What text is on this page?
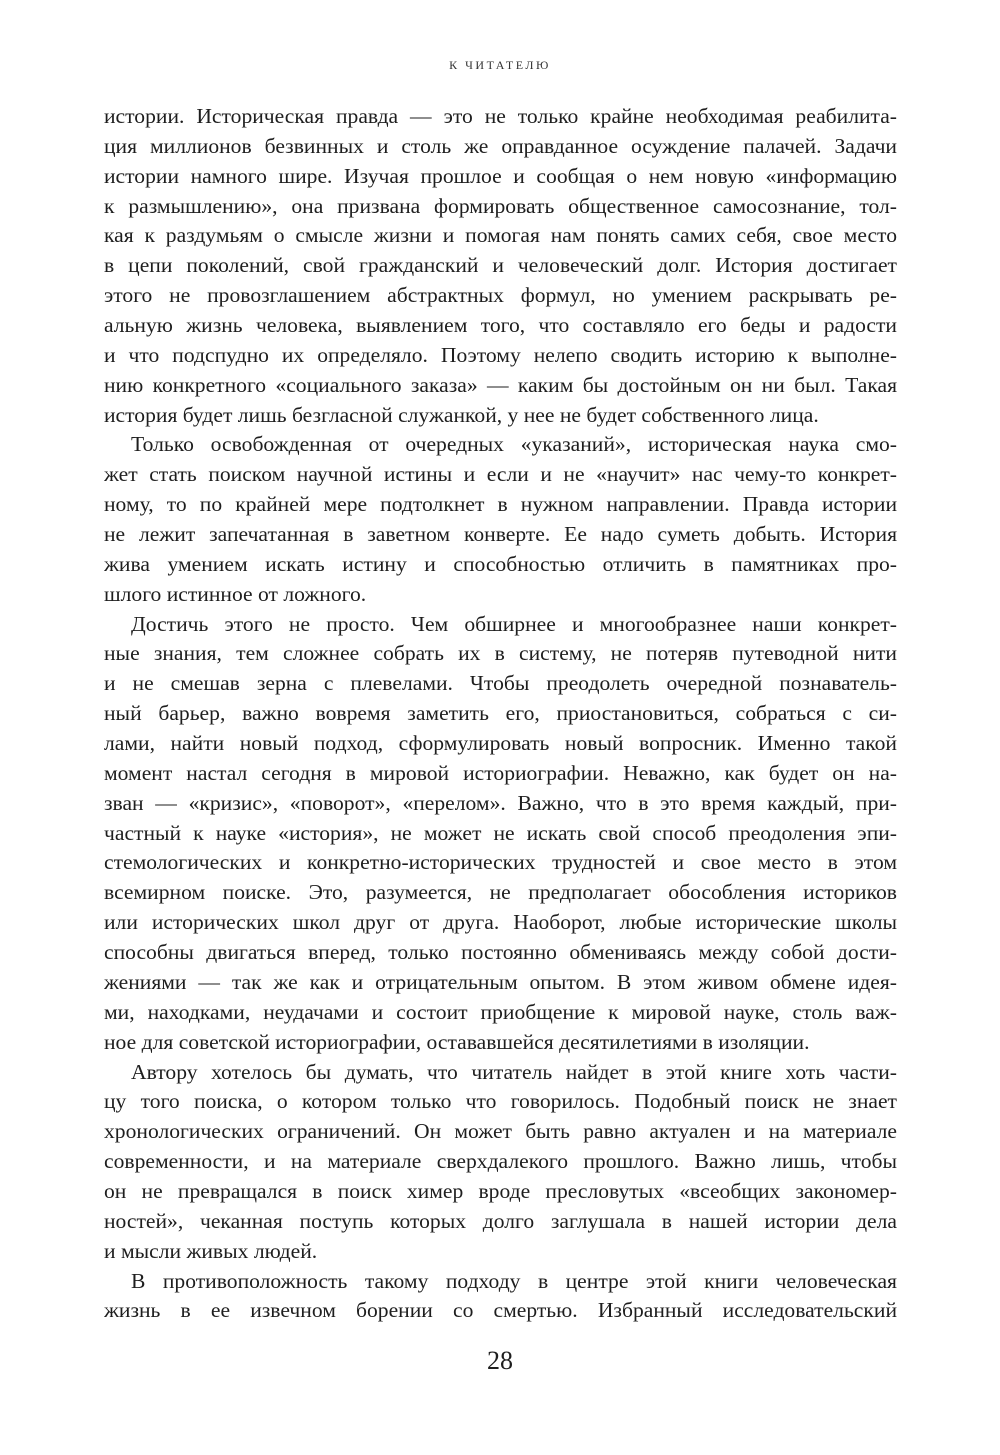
К ЧИТАТЕЛЮ
истории. Историческая правда — это не только крайне необходимая реабилита-
ция миллионов безвинных и столь же оправданное осуждение палачей. Задачи
истории намного шире. Изучая прошлое и сообщая о нем новую «информацию
к размышлению», она призвана формировать общественное самосознание, тол-
кая к раздумьям о смысле жизни и помогая нам понять самих себя, свое место
в цепи поколений, свой гражданский и человеческий долг. История достигает
этого не провозглашением абстрактных формул, но умением раскрывать ре-
альную жизнь человека, выявлением того, что составляло его беды и радости
и что подспудно их определяло. Поэтому нелепо сводить историю к выполне-
нию конкретного «социального заказа» — каким бы достойным он ни был. Такая
история будет лишь безгласной служанкой, у нее не будет собственного лица.
Только освобожденная от очередных «указаний», историческая наука смо-
жет стать поиском научной истины и если и не «научит» нас чему-то конкрет-
ному, то по крайней мере подтолкнет в нужном направлении. Правда истории
не лежит запечатанная в заветном конверте. Ее надо суметь добыть. История
жива умением искать истину и способностью отличить в памятниках про-
шлого истинное от ложного.
Достичь этого не просто. Чем обширнее и многообразнее наши конкрет-
ные знания, тем сложнее собрать их в систему, не потеряв путеводной нити
и не смешав зерна с плевелами. Чтобы преодолеть очередной познаватель-
ный барьер, важно вовремя заметить его, приостановиться, собраться с си-
лами, найти новый подход, сформулировать новый вопросник. Именно такой
момент настал сегодня в мировой историографии. Неважно, как будет он на-
зван — «кризис», «поворот», «перелом». Важно, что в это время каждый, при-
частный к науке «история», не может не искать свой способ преодоления эпи-
стемологических и конкретно-исторических трудностей и свое место в этом
всемирном поиске. Это, разумеется, не предполагает обособления историков
или исторических школ друг от друга. Наоборот, любые исторические школы
способны двигаться вперед, только постоянно обмениваясь между собой дости-
жениями — так же как и отрицательным опытом. В этом живом обмене идея-
ми, находками, неудачами и состоит приобщение к мировой науке, столь важ-
ное для советской историографии, остававшейся десятилетиями в изоляции.
Автору хотелось бы думать, что читатель найдет в этой книге хоть части-
цу того поиска, о котором только что говорилось. Подобный поиск не знает
хронологических ограничений. Он может быть равно актуален и на материале
современности, и на материале сверхдалекого прошлого. Важно лишь, чтобы
он не превращался в поиск химер вроде пресловутых «всеобщих закономер-
ностей», чеканная поступь которых долго заглушала в нашей истории дела
и мысли живых людей.
В противоположность такому подходу в центре этой книги человеческая
жизнь в ее извечном борении со смертью. Избранный исследовательский
28
